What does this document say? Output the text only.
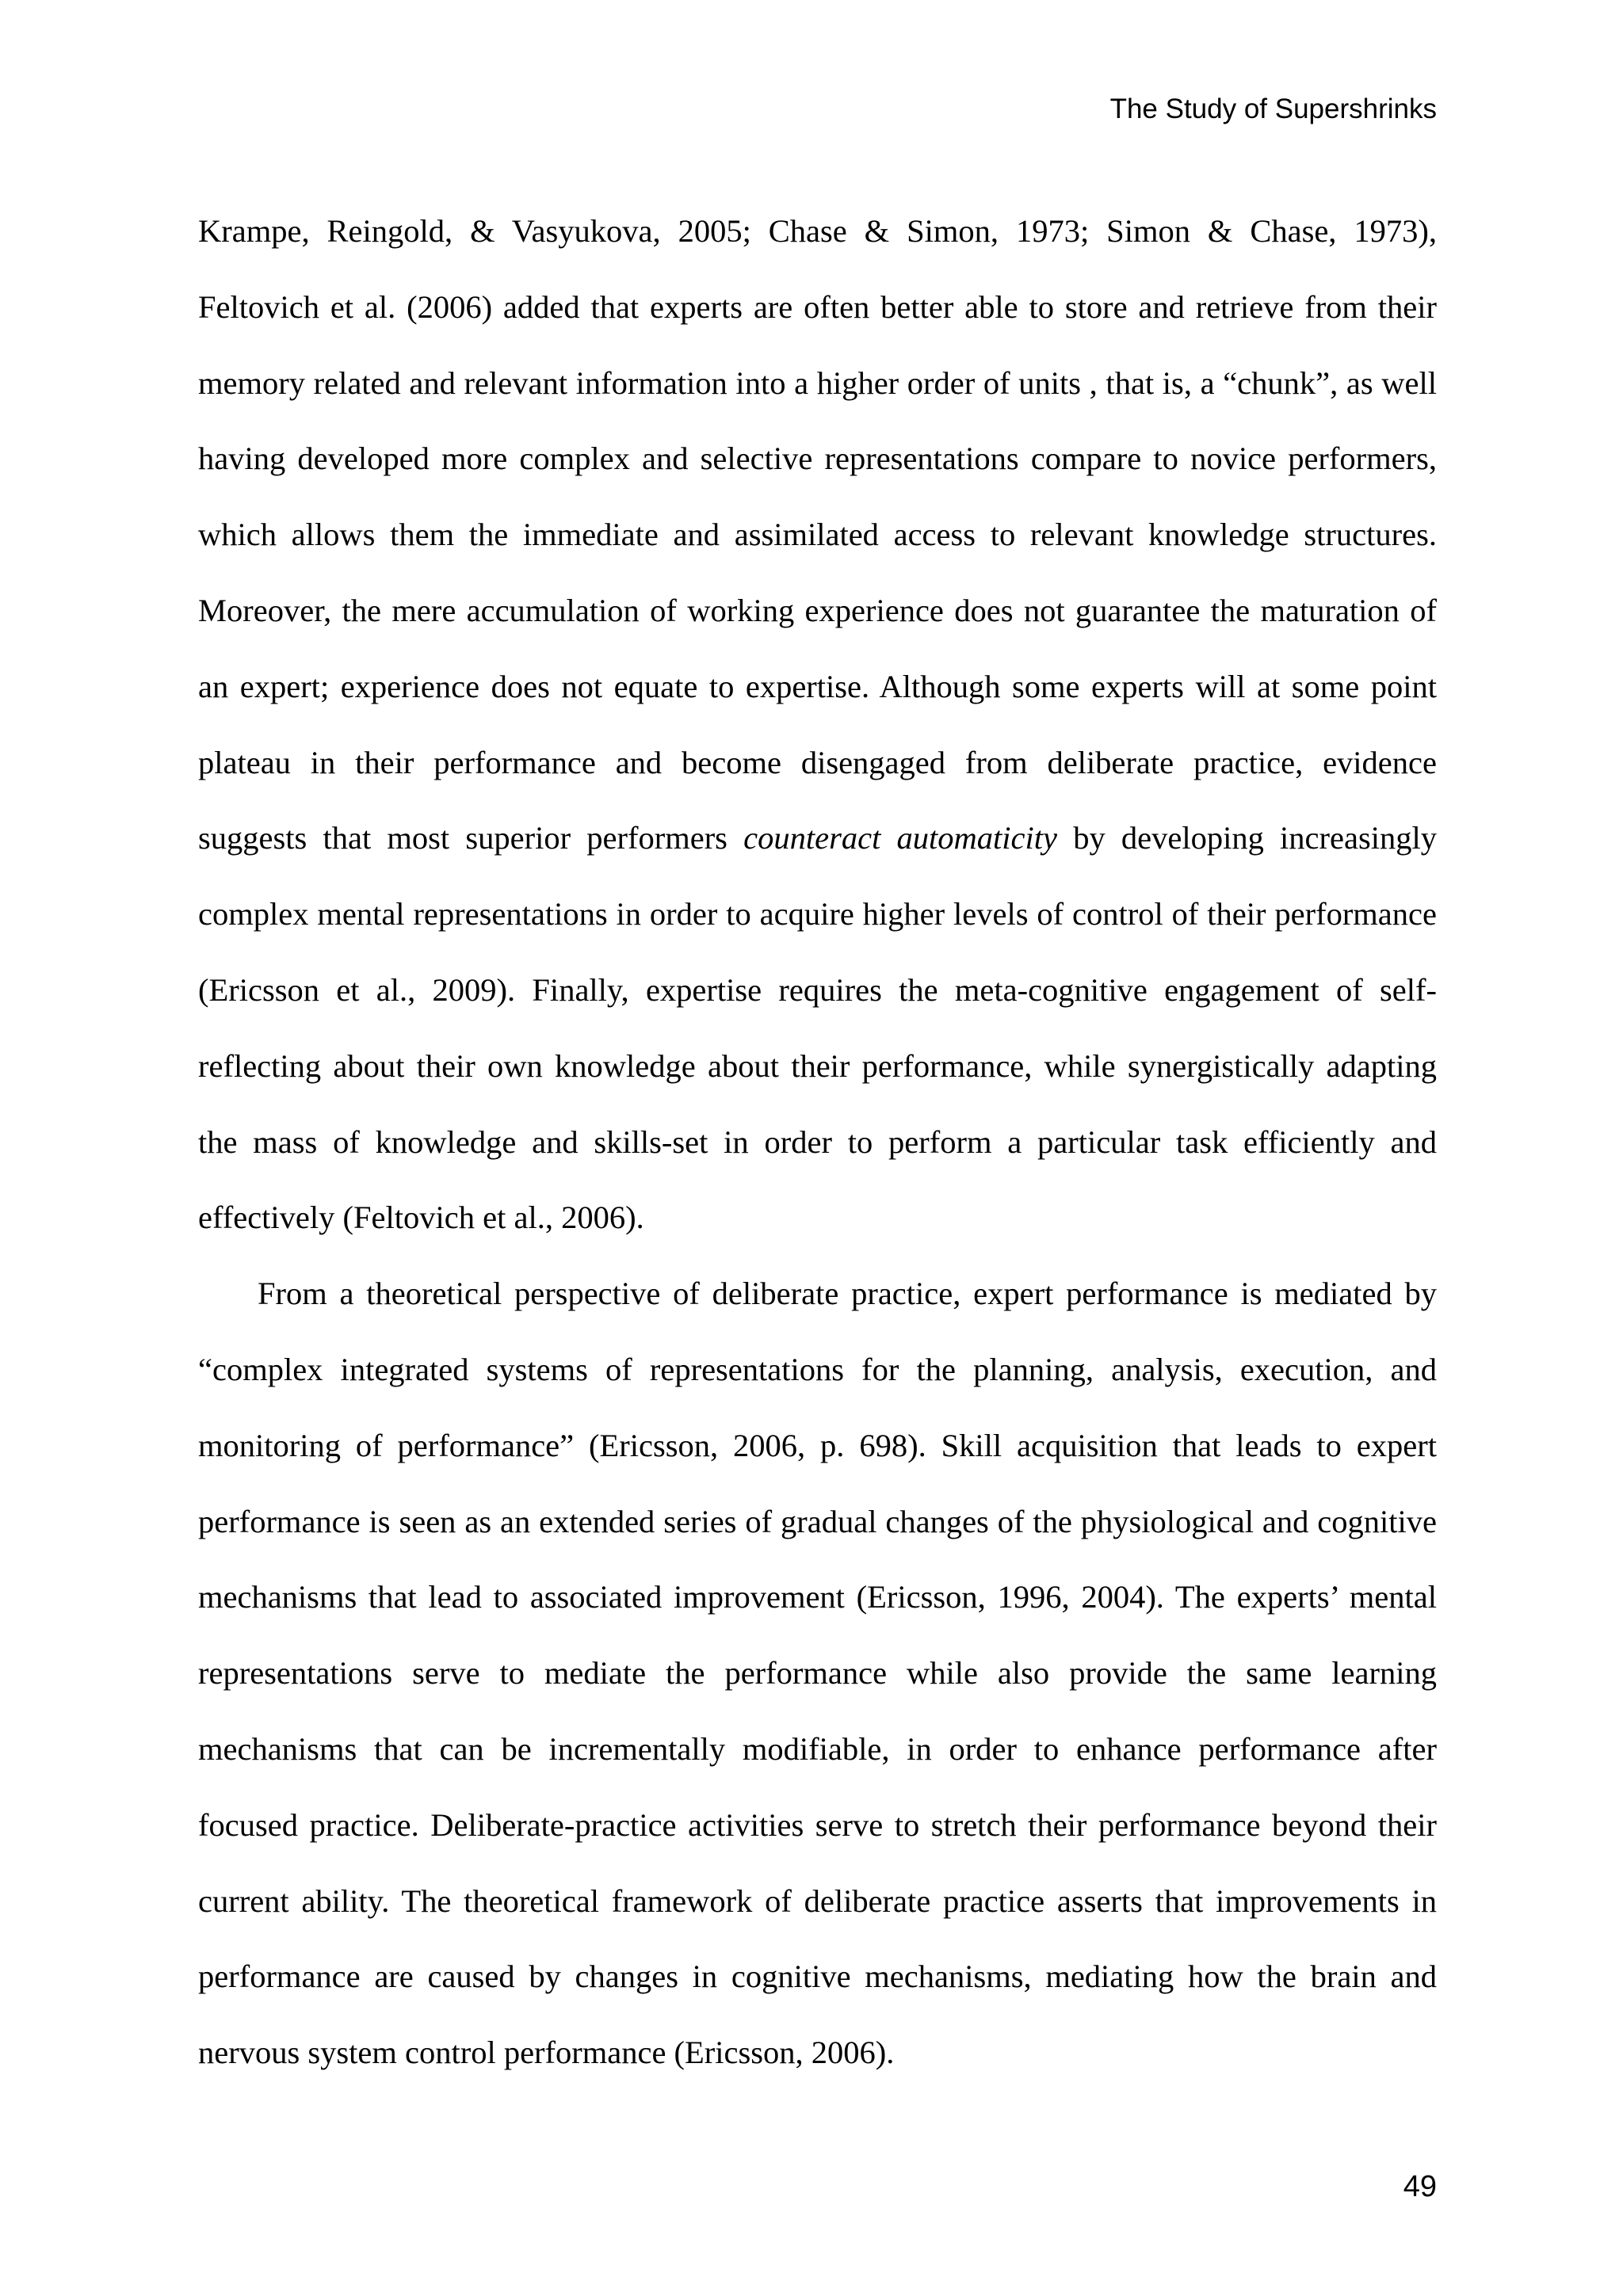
The Study of Supershrinks

Krampe, Reingold, & Vasyukova, 2005; Chase & Simon, 1973; Simon & Chase, 1973), Feltovich et al. (2006) added that experts are often better able to store and retrieve from their memory related and relevant information into a higher order of units , that is, a “chunk”, as well having developed more complex and selective representations compare to novice performers, which allows them the immediate and assimilated access to relevant knowledge structures. Moreover, the mere accumulation of working experience does not guarantee the maturation of an expert; experience does not equate to expertise. Although some experts will at some point plateau in their performance and become disengaged from deliberate practice, evidence suggests that most superior performers counteract automaticity by developing increasingly complex mental representations in order to acquire higher levels of control of their performance (Ericsson et al., 2009). Finally, expertise requires the meta-cognitive engagement of self-reflecting about their own knowledge about their performance, while synergistically adapting the mass of knowledge and skills-set in order to perform a particular task efficiently and effectively (Feltovich et al., 2006).

From a theoretical perspective of deliberate practice, expert performance is mediated by “complex integrated systems of representations for the planning, analysis, execution, and monitoring of performance” (Ericsson, 2006, p. 698). Skill acquisition that leads to expert performance is seen as an extended series of gradual changes of the physiological and cognitive mechanisms that lead to associated improvement (Ericsson, 1996, 2004). The experts’ mental representations serve to mediate the performance while also provide the same learning mechanisms that can be incrementally modifiable, in order to enhance performance after focused practice. Deliberate-practice activities serve to stretch their performance beyond their current ability. The theoretical framework of deliberate practice asserts that improvements in performance are caused by changes in cognitive mechanisms, mediating how the brain and nervous system control performance (Ericsson, 2006).

49
